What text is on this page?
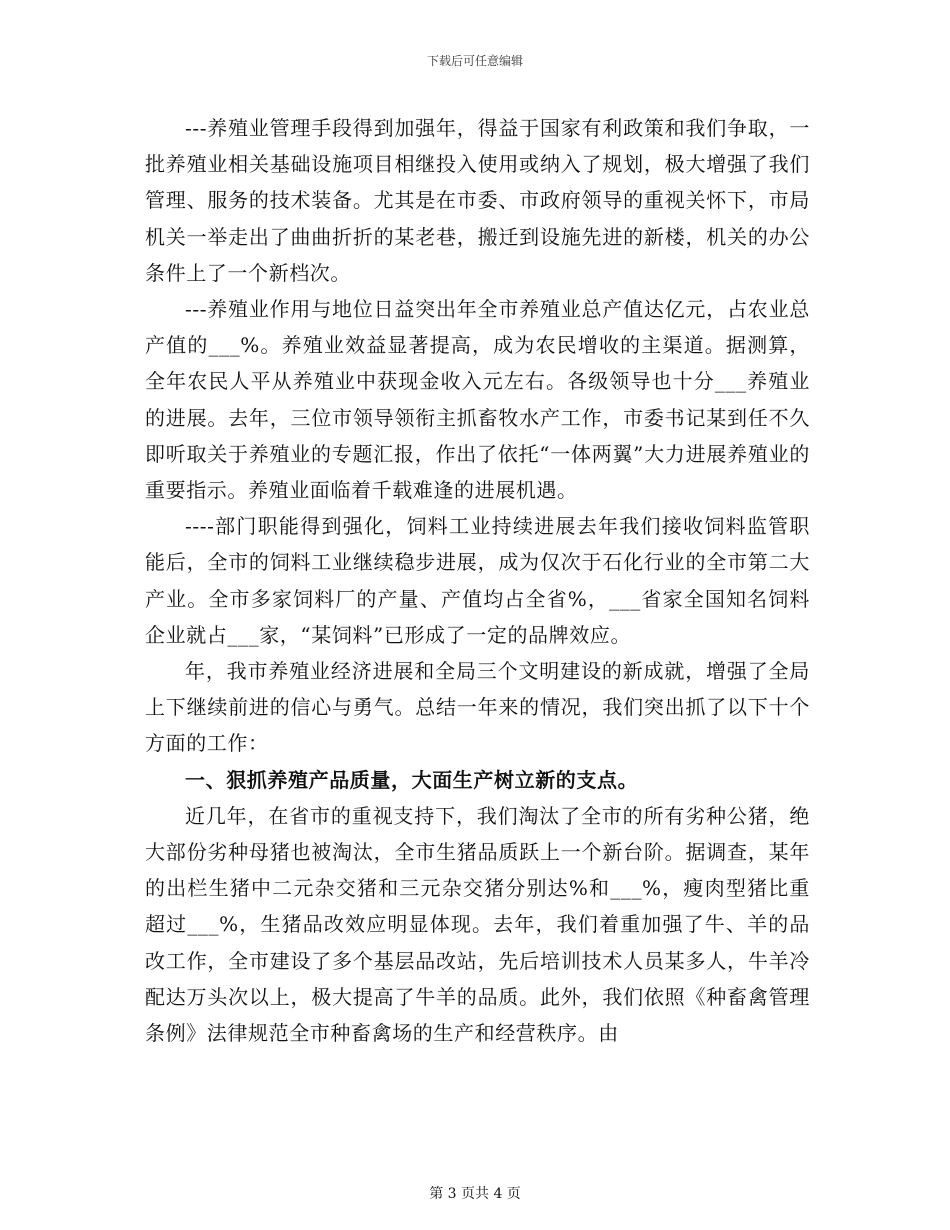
下载后可任意编辑

---养殖业管理手段得到加强年，得益于国家有利政策和我们争取，一批养殖业相关基础设施项目相继投入使用或纳入了规划，极大增强了我们管理、服务的技术装备。尤其是在市委、市政府领导的重视关怀下，市局机关一举走出了曲曲折折的某老巷，搬迁到设施先进的新楼，机关的办公条件上了一个新档次。

---养殖业作用与地位日益突出年全市养殖业总产值达亿元，占农业总产值的___%。养殖业效益显著提高，成为农民增收的主渠道。据测算，全年农民人平从养殖业中获现金收入元左右。各级领导也十分___养殖业的进展。去年，三位市领导领衔主抓畜牧水产工作，市委书记某到任不久即听取关于养殖业的专题汇报，作出了依托“一体两翼”大力进展养殖业的重要指示。养殖业面临着千载难逢的进展机遇。

----部门职能得到强化，饲料工业持续进展去年我们接收饲料监管职能后，全市的饲料工业继续稳步进展，成为仅次于石化行业的全市第二大产业。全市多家饲料厂的产量、产值均占全省%，___省家全国知名饲料企业就占___家，“某饲料”已形成了一定的品牌效应。

年，我市养殖业经济进展和全局三个文明建设的新成就，增强了全局上下继续前进的信心与勇气。总结一年来的情况，我们突出抓了以下十个方面的工作：

一、狠抓养殖产品质量，大面生产树立新的支点。

近几年，在省市的重视支持下，我们淘汰了全市的所有劣种公猪，绝大部份劣种母猪也被淘汰，全市生猪品质跃上一个新台阶。据调查，某年的出栏生猪中二元杂交猪和三元杂交猪分别达%和___%，瘦肉型猪比重超过___%，生猪品改效应明显体现。去年，我们着重加强了牛、羊的品改工作，全市建设了多个基层品改站，先后培训技术人员某多人，牛羊冷配达万头次以上，极大提高了牛羊的品质。此外，我们依照《种畜禽管理条例》法律规范全市种畜禽场的生产和经营秩序。由

第 3 页共 4 页
